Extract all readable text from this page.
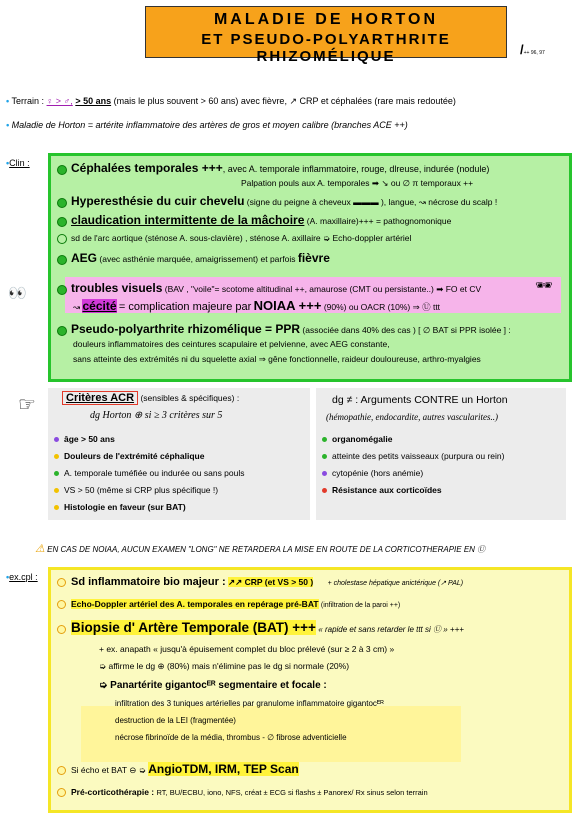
MALADIE DE HORTON
ET PSEUDO-POLYARTHRITE RHIZOMÉLIQUE	/++ 96, 97
• Terrain : ♀ > ♂, > 50 ans (mais le plus souvent > 60 ans) avec fièvre, ↗ CRP et céphalées (rare mais redoutée)
• Maladie de Horton = artérite inflammatoire des artères de gros et moyen calibre (branches ACE ++)
•Clin :
👀
Céphalées temporales +++, avec A. temporale inflammatoire, rouge, dlreuse, indurée (nodule)
Palpation pouls aux A. temporales ➡ ↘ ou ∅ π temporaux ++
Hyperesthésie du cuir chevelu (signe du peigne à cheveux ▬▬▬ ), langue, ↝ nécrose du scalp !
claudication intermittente de la mâchoire (A. maxillaire)+++ = pathognomonique
sd de l'arc aortique (sténose A. sous-clavière) , sténose A. axillaire ➭ Echo-doppler artériel
AEG (avec asthénie marquée, amaigrissement) et parfois fièvre
troubles visuels (BAV , "voile"= scotome altitudinal ++, amaurose (CMT ou persistante..) ➡ FO et CV	🕶
↝ cécité = complication majeure par NOIAA +++ (90%) ou OACR (10%) ⇒ Ⓤ ttt
Pseudo-polyarthrite rhizomélique = PPR (associée dans 40% des cas ) [ ∅ BAT si PPR isolée ] :
douleurs inflammatoires des ceintures scapulaire et pelvienne, avec AEG constante,
sans atteinte des extrémités ni du squelette axial ⇒ gêne fonctionnelle, raideur douloureuse, arthro-myalgies
☞	Critères ACR (sensibles & spécifiques) :
dg Horton ⊕ si ≥ 3 critères sur 5
âge > 50 ans
Douleurs de l'extrémité céphalique
A. temporale tuméfiée ou indurée ou sans pouls
VS > 50 (même si CRP plus spécifique !)
Histologie en faveur (sur BAT)
dg ≠ : Arguments CONTRE un Horton
(hémopathie, endocardite, autres vascularites..)
organomégalie
atteinte des petits vaisseaux (purpura ou rein)
cytopénie (hors anémie)
Résistance aux corticoïdes
⚠ EN CAS DE NOIAA, AUCUN EXAMEN "LONG" NE RETARDERA LA MISE EN ROUTE DE LA CORTICOTHERAPIE EN Ⓤ
•ex.cpl :	Sd inflammatoire bio majeur : ↗↗ CRP (et VS > 50 ) + cholestase hépatique anictérique (↗ PAL)
Echo-Doppler artériel des A. temporales en repérage pré-BAT (infiltration de la paroi ++)
Biopsie d' Artère Temporale (BAT) +++ « rapide et sans retarder le ttt si Ⓤ » +++
+ ex. anapath « jusqu'à épuisement complet du bloc prélevé (sur ≥ 2 à 3 cm) »
➭ affirme le dg ⊕ (80%) mais n'élimine pas le dg si normale (20%)
➭ Panartérite gigantocᴱᴿ segmentaire et focale :
infiltration des 3 tuniques artérielles par granulome inflammatoire gigantocᴱᴿ
destruction de la LEI (fragmentée)
nécrose fibrinoïde de la média, thrombus - ∅ fibrose adventicielle
Si écho et BAT ⊖ ➭ AngioTDM, IRM, TEP Scan
Pré-corticothérapie : RT, BU/ECBU, iono, NFS, créat ± ECG si flashs ± Panorex/ Rx sinus selon terrain
